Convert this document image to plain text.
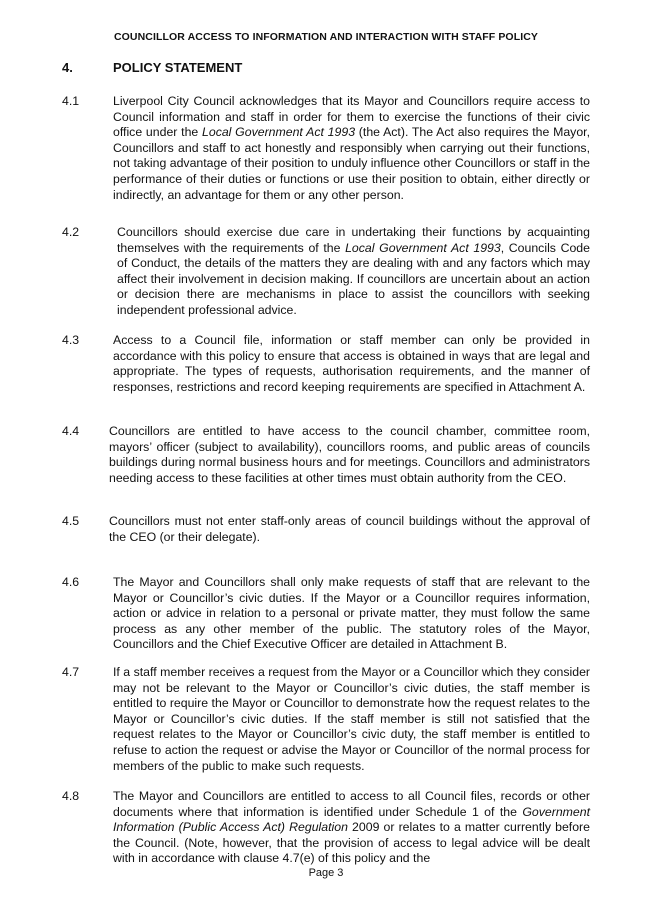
COUNCILLOR ACCESS TO INFORMATION AND INTERACTION WITH STAFF POLICY
4.	POLICY STATEMENT
4.1	Liverpool City Council acknowledges that its Mayor and Councillors require access to Council information and staff in order for them to exercise the functions of their civic office under the Local Government Act 1993 (the Act). The Act also requires the Mayor, Councillors and staff to act honestly and responsibly when carrying out their functions, not taking advantage of their position to unduly influence other Councillors or staff in the performance of their duties or functions or use their position to obtain, either directly or indirectly, an advantage for them or any other person.
4.2	Councillors should exercise due care in undertaking their functions by acquainting themselves with the requirements of the Local Government Act 1993, Councils Code of Conduct, the details of the matters they are dealing with and any factors which may affect their involvement in decision making. If councillors are uncertain about an action or decision there are mechanisms in place to assist the councillors with seeking independent professional advice.
4.3	Access to a Council file, information or staff member can only be provided in accordance with this policy to ensure that access is obtained in ways that are legal and appropriate. The types of requests, authorisation requirements, and the manner of responses, restrictions and record keeping requirements are specified in Attachment A.
4.4 Councillors are entitled to have access to the council chamber, committee room, mayors’ officer (subject to availability), councillors rooms, and public areas of councils buildings during normal business hours and for meetings. Councillors and administrators needing access to these facilities at other times must obtain authority from the CEO.
4.5 Councillors must not enter staff-only areas of council buildings without the approval of the CEO (or their delegate).
4.6	The Mayor and Councillors shall only make requests of staff that are relevant to the Mayor or Councillor’s civic duties. If the Mayor or a Councillor requires information, action or advice in relation to a personal or private matter, they must follow the same process as any other member of the public. The statutory roles of the Mayor, Councillors and the Chief Executive Officer are detailed in Attachment B.
4.7	If a staff member receives a request from the Mayor or a Councillor which they consider may not be relevant to the Mayor or Councillor’s civic duties, the staff member is entitled to require the Mayor or Councillor to demonstrate how the request relates to the Mayor or Councillor’s civic duties. If the staff member is still not satisfied that the request relates to the Mayor or Councillor’s civic duty, the staff member is entitled to refuse to action the request or advise the Mayor or Councillor of the normal process for members of the public to make such requests.
4.8	The Mayor and Councillors are entitled to access to all Council files, records or other documents where that information is identified under Schedule 1 of the Government Information (Public Access Act) Regulation 2009 or relates to a matter currently before the Council. (Note, however, that the provision of access to legal advice will be dealt with in accordance with clause 4.7(e) of this policy and the
Page 3
